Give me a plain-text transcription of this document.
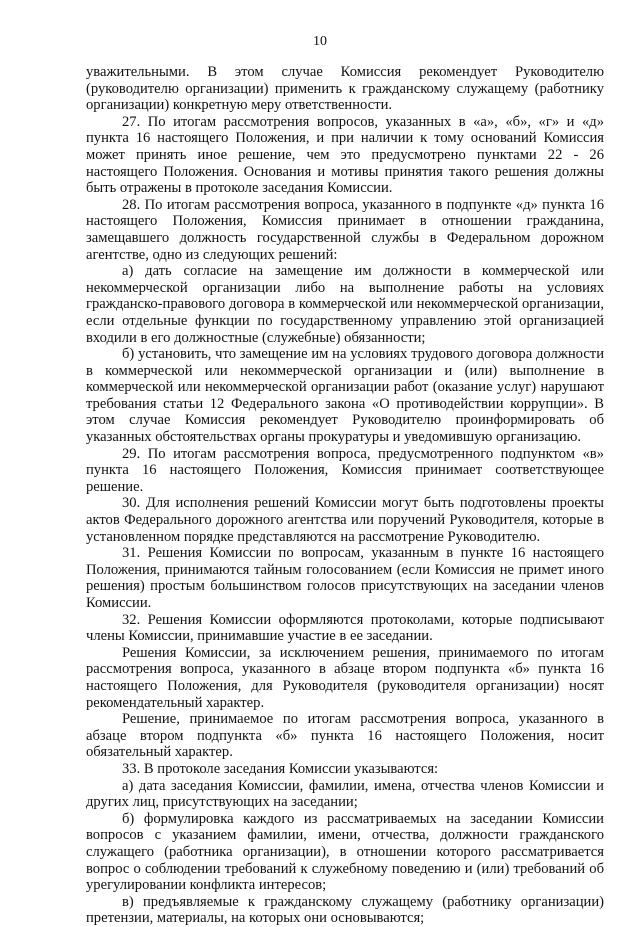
10

уважительными. В этом случае Комиссия рекомендует Руководителю (руководителю организации) применить к гражданскому служащему (работнику организации) конкретную меру ответственности.

27. По итогам рассмотрения вопросов, указанных в «а», «б», «г» и «д» пункта 16 настоящего Положения, и при наличии к тому оснований Комиссия может принять иное решение, чем это предусмотрено пунктами 22 - 26 настоящего Положения. Основания и мотивы принятия такого решения должны быть отражены в протоколе заседания Комиссии.

28. По итогам рассмотрения вопроса, указанного в подпункте «д» пункта 16 настоящего Положения, Комиссия принимает в отношении гражданина, замещавшего должность государственной службы в Федеральном дорожном агентстве, одно из следующих решений:

а) дать согласие на замещение им должности в коммерческой или некоммерческой организации либо на выполнение работы на условиях гражданско-правового договора в коммерческой или некоммерческой организации, если отдельные функции по государственному управлению этой организацией входили в его должностные (служебные) обязанности;

б) установить, что замещение им на условиях трудового договора должности в коммерческой или некоммерческой организации и (или) выполнение в коммерческой или некоммерческой организации работ (оказание услуг) нарушают требования статьи 12 Федерального закона «О противодействии коррупции». В этом случае Комиссия рекомендует Руководителю проинформировать об указанных обстоятельствах органы прокуратуры и уведомившую организацию.

29. По итогам рассмотрения вопроса, предусмотренного подпунктом «в» пункта 16 настоящего Положения, Комиссия принимает соответствующее решение.

30. Для исполнения решений Комиссии могут быть подготовлены проекты актов Федерального дорожного агентства или поручений Руководителя, которые в установленном порядке представляются на рассмотрение Руководителю.

31. Решения Комиссии по вопросам, указанным в пункте 16 настоящего Положения, принимаются тайным голосованием (если Комиссия не примет иного решения) простым большинством голосов присутствующих на заседании членов Комиссии.

32. Решения Комиссии оформляются протоколами, которые подписывают члены Комиссии, принимавшие участие в ее заседании.

Решения Комиссии, за исключением решения, принимаемого по итогам рассмотрения вопроса, указанного в абзаце втором подпункта «б» пункта 16 настоящего Положения, для Руководителя (руководителя организации) носят рекомендательный характер.

Решение, принимаемое по итогам рассмотрения вопроса, указанного в абзаце втором подпункта «б» пункта 16 настоящего Положения, носит обязательный характер.

33. В протоколе заседания Комиссии указываются:

а) дата заседания Комиссии, фамилии, имена, отчества членов Комиссии и других лиц, присутствующих на заседании;

б) формулировка каждого из рассматриваемых на заседании Комиссии вопросов с указанием фамилии, имени, отчества, должности гражданского служащего (работника организации), в отношении которого рассматривается вопрос о соблюдении требований к служебному поведению и (или) требований об урегулировании конфликта интересов;

в) предъявляемые к гражданскому служащему (работнику организации) претензии, материалы, на которых они основываются;
